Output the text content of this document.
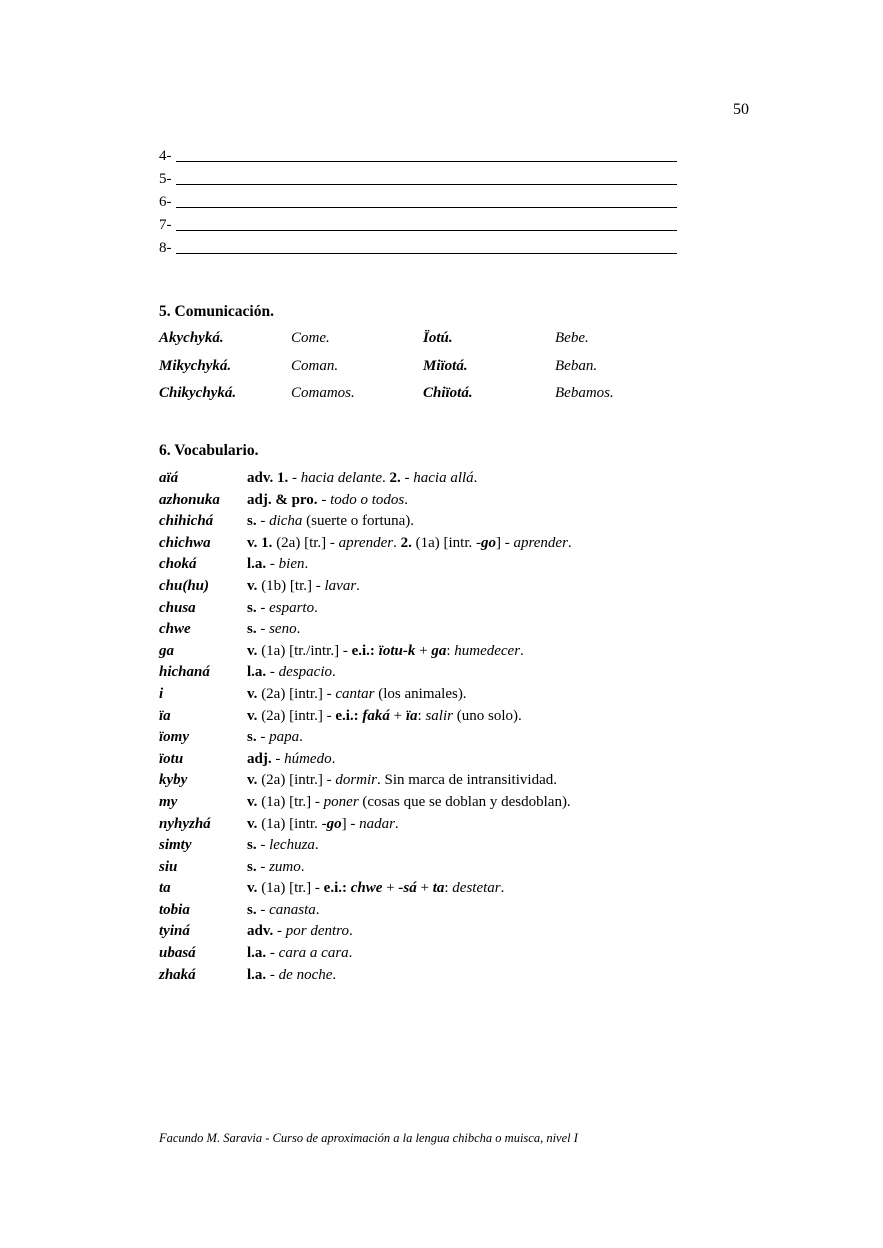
50
4-
5-
6-
7-
8-
5. Comunicación.
Akychyká.	Come.	Ïotú.	Bebe.
Mikychyká.	Coman.	Miïotá.	Beban.
Chikychyká.	Comamos.	Chiïotá.	Bebamos.
6. Vocabulario.
aïá	adv. 1. - hacia delante. 2. - hacia allá.
azhonuka adj. & pro. - todo o todos.
chihichá s. - dicha (suerte o fortuna).
chichwa v. 1. (2a) [tr.] - aprender. 2. (1a) [intr. -go] - aprender.
choká	l.a. - bien.
chu(hu)	v. (1b) [tr.] - lavar.
chusa	s. - esparto.
chwe	s. - seno.
ga	v. (1a) [tr./intr.] - e.i.: ïotu-k + ga: humedecer.
hichaná l.a. - despacio.
i	v. (2a) [intr.] - cantar (los animales).
ïa	v. (2a) [intr.] - e.i.: faká + ïa: salir (uno solo).
ïomy	s. - papa.
ïotu	adj. - húmedo.
kyby	v. (2a) [intr.] - dormir. Sin marca de intransitividad.
my	v. (1a) [tr.] - poner (cosas que se doblan y desdoblan).
nyhyzhá v. (1a) [intr. -go] - nadar.
simty	s. - lechuza.
siu	s. - zumo.
ta	v. (1a) [tr.] - e.i.: chwe + -sá + ta: destetar.
tobia	s. - canasta.
tyiná	adv. - por dentro.
ubasá	l.a. - cara a cara.
zhaká	l.a. - de noche.
Facundo M. Saravia - Curso de aproximación a la lengua chibcha o muisca, nivel I
